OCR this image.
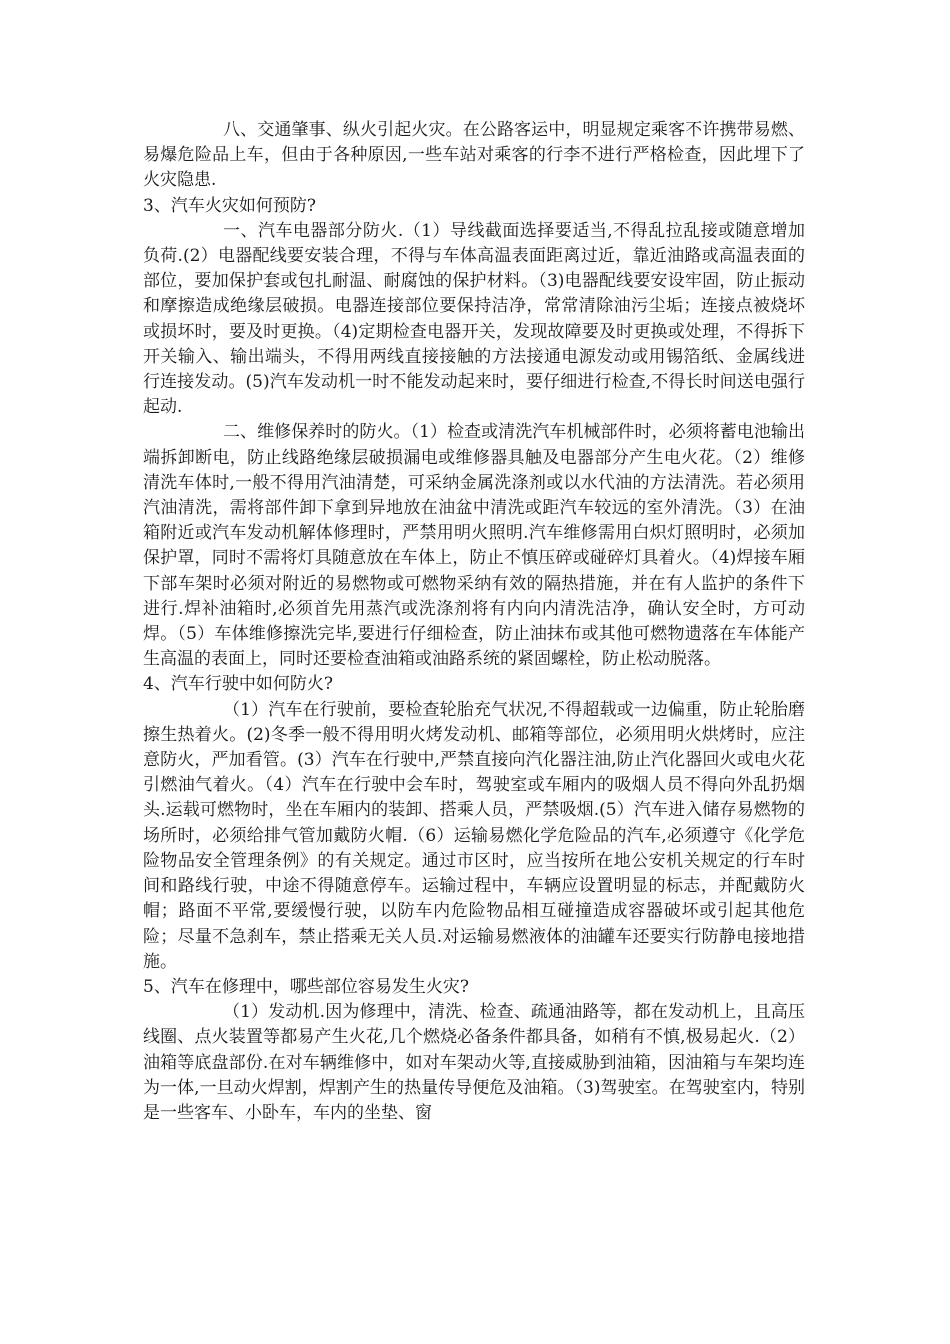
八、交通肇事、纵火引起火灾。在公路客运中，明显规定乘客不许携带易燃、易爆危险品上车，但由于各种原因,一些车站对乘客的行李不进行严格检查，因此埋下了火灾隐患.

3、汽车火灾如何预防?

一、汽车电器部分防火.（1）导线截面选择要适当,不得乱拉乱接或随意增加负荷.(2）电器配线要安装合理，不得与车体高温表面距离过近，靠近油路或高温表面的部位，要加保护套或包扎耐温、耐腐蚀的保护材料。（3)电器配线要安设牢固，防止振动和摩擦造成绝缘层破损。电器连接部位要保持洁净，常常清除油污尘垢；连接点被烧坏或损坏时，要及时更换。（4)定期检查电器开关，发现故障要及时更换或处理，不得拆下开关输入、输出端头，不得用两线直接接触的方法接通电源发动或用锡箔纸、金属线进行连接发动。(5)汽车发动机一时不能发动起来时，要仔细进行检查,不得长时间送电强行起动.

二、维修保养时的防火。（1）检查或清洗汽车机械部件时，必须将蓄电池输出端拆卸断电，防止线路绝缘层破损漏电或维修器具触及电器部分产生电火花。（2）维修清洗车体时,一般不得用汽油清楚，可采纳金属洗涤剂或以水代油的方法清洗。若必须用汽油清洗，需将部件卸下拿到异地放在油盆中清洗或距汽车较远的室外清洗。（3）在油箱附近或汽车发动机解体修理时，严禁用明火照明.汽车维修需用白炽灯照明时，必须加保护罩，同时不需将灯具随意放在车体上，防止不慎压碎或碰碎灯具着火。（4)焊接车厢下部车架时必须对附近的易燃物或可燃物采纳有效的隔热措施，并在有人监护的条件下进行.焊补油箱时,必须首先用蒸汽或洗涤剂将有内向内清洗洁净，确认安全时，方可动焊。（5）车体维修擦洗完毕,要进行仔细检查，防止油抹布或其他可燃物遗落在车体能产生高温的表面上，同时还要检查油箱或油路系统的紧固螺栓，防止松动脱落。

4、汽车行驶中如何防火?

（1）汽车在行驶前，要检查轮胎充气状况,不得超载或一边偏重，防止轮胎磨擦生热着火。(2)冬季一般不得用明火烤发动机、邮箱等部位，必须用明火烘烤时，应注意防火，严加看管。(3）汽车在行驶中,严禁直接向汽化器注油,防止汽化器回火或电火花引燃油气着火。（4）汽车在行驶中会车时，驾驶室或车厢内的吸烟人员不得向外乱扔烟头.运载可燃物时，坐在车厢内的装卸、搭乘人员，严禁吸烟.(5）汽车进入储存易燃物的场所时，必须给排气管加戴防火帽.（6）运输易燃化学危险品的汽车,必须遵守《化学危险物品安全管理条例》的有关规定。通过市区时，应当按所在地公安机关规定的行车时间和路线行驶，中途不得随意停车。运输过程中，车辆应设置明显的标志，并配戴防火帽；路面不平常,要缓慢行驶，以防车内危险物品相互碰撞造成容器破坏或引起其他危险；尽量不急刹车，禁止搭乘无关人员.对运输易燃液体的油罐车还要实行防静电接地措施。

5、汽车在修理中，哪些部位容易发生火灾?

（1）发动机.因为修理中，清洗、检查、疏通油路等，都在发动机上，且高压线圈、点火装置等都易产生火花,几个燃烧必备条件都具备，如稍有不慎,极易起火.（2）油箱等底盘部份.在对车辆维修中，如对车架动火等,直接威胁到油箱，因油箱与车架均连为一体,一旦动火焊割，焊割产生的热量传导便危及油箱。（3)驾驶室。在驾驶室内，特别是一些客车、小卧车，车内的坐垫、窗
